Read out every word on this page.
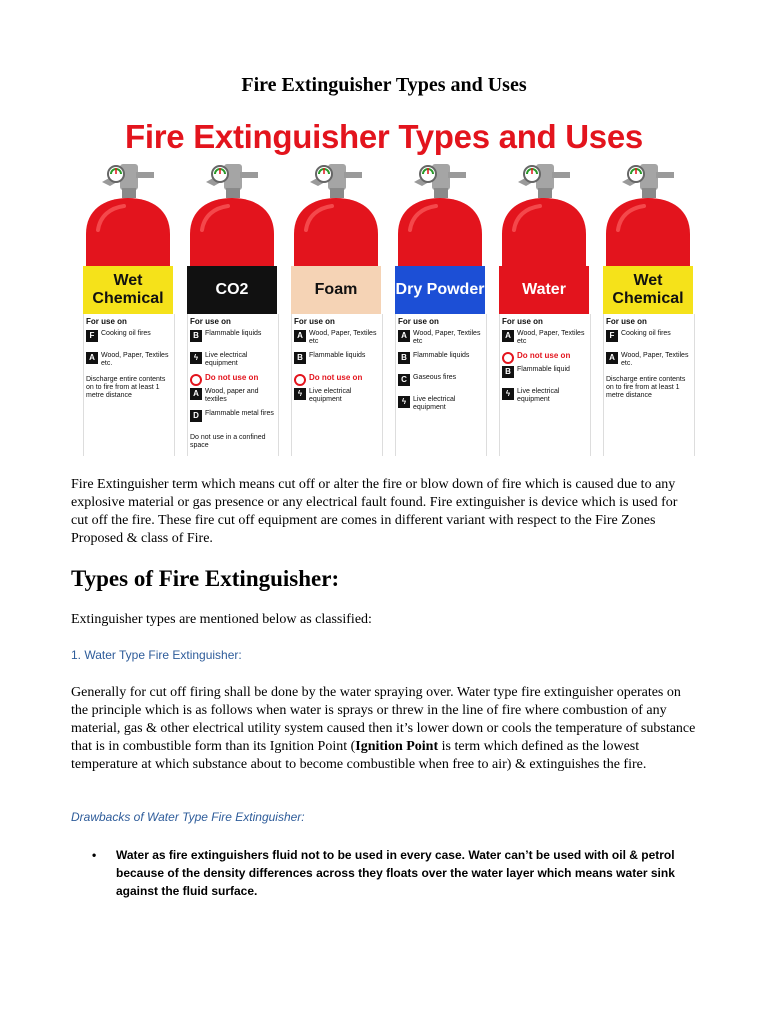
Fire Extinguisher Types and Uses
Fire Extinguisher Types and Uses
Wet Chemical
For use on
F Cooking oil fires
A Wood, Paper, Textiles etc.
Discharge entire contents on to fire from at least 1 metre distance
CO2
For use on
B Flammable liquids
ϟ Live electrical equipment
Do not use on
A Wood, paper and textiles
D Flammable metal fires
Do not use in a confined space
Foam
For use on
A Wood, Paper, Textiles etc
B Flammable liquids
Do not use on
ϟ Live electrical equipment
Dry Powder
For use on
A Wood, Paper, Textiles etc
B Flammable liquids
C Gaseous fires
ϟ Live electrical equipment
Water
For use on
A Wood, Paper, Textiles etc
Do not use on
B Flammable liquid
ϟ Live electrical equipment
Wet Chemical
For use on
F Cooking oil fires
A Wood, Paper, Textiles etc.
Discharge entire contents on to fire from at least 1 metre distance
Fire Extinguisher term which means cut off or alter the fire or blow down of fire which is caused due to any explosive material or gas presence or any electrical fault found. Fire extinguisher is device which is used for cut off the fire. These fire cut off equipment are comes in different variant with respect to the Fire Zones Proposed & class of Fire.
Types of Fire Extinguisher:
Extinguisher types are mentioned below as classified:
1. Water Type Fire Extinguisher:
Generally for cut off firing shall be done by the water spraying over. Water type fire extinguisher operates on the principle which is as follows when water is sprays or threw in the line of fire where combustion of any material, gas & other electrical utility system caused then it’s lower down or cools the temperature of substance that is in combustible form than its Ignition Point (Ignition Point is term which defined as the lowest temperature at which substance about to become combustible when free to air) & extinguishes the fire.
Drawbacks of Water Type Fire Extinguisher:
• Water as fire extinguishers fluid not to be used in every case. Water can’t be used with oil & petrol because of the density differences across they floats over the water layer which means water sink against the fluid surface.
